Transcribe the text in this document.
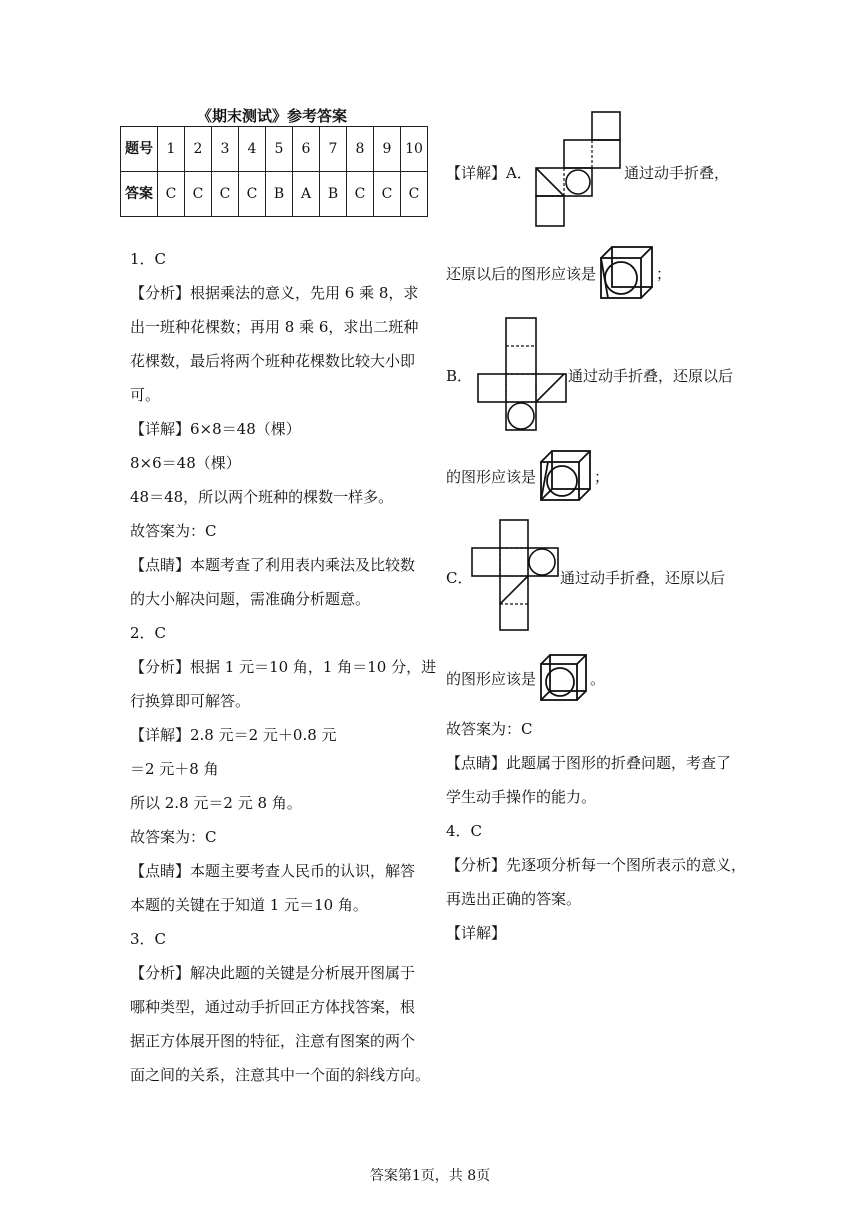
《期末测试》参考答案
题号	1	2	3	4	5	6	7	8	9	10
答案	C	C	C	C	B	A	B	C	C	C

1．C

【分析】根据乘法的意义，先用 6 乘 8，求

出一班种花棵数；再用 8 乘 6，求出二班种

花棵数，最后将两个班种花棵数比较大小即

可。

【详解】6×8＝48（棵）

8×6＝48（棵）

48＝48，所以两个班种的棵数一样多。

故答案为：C

【点睛】本题考查了利用表内乘法及比较数

的大小解决问题，需准确分析题意。

2．C

【分析】根据 1 元＝10 角，1 角＝10 分，进

行换算即可解答。

【详解】2.8 元＝2 元＋0.8 元

＝2 元＋8 角

所以 2.8 元＝2 元 8 角。

故答案为：C

【点睛】本题主要考查人民币的认识，解答

本题的关键在于知道 1 元＝10 角。

3．C

【分析】解决此题的关键是分析展开图属于

哪种类型，通过动手折回正方体找答案，根

据正方体展开图的特征，注意有图案的两个

面之间的关系，注意其中一个面的斜线方向。

【详解】A．	通过动手折叠，
还原以后的图形应该是	；
B．	通过动手折叠，还原以后
的图形应该是	；
C．	通过动手折叠，还原以后
的图形应该是	。

故答案为：C

【点睛】此题属于图形的折叠问题，考查了

学生动手操作的能力。

4．C

【分析】先逐项分析每一个图所表示的意义，

再选出正确的答案。

【详解】

答案第1页，共 8页
